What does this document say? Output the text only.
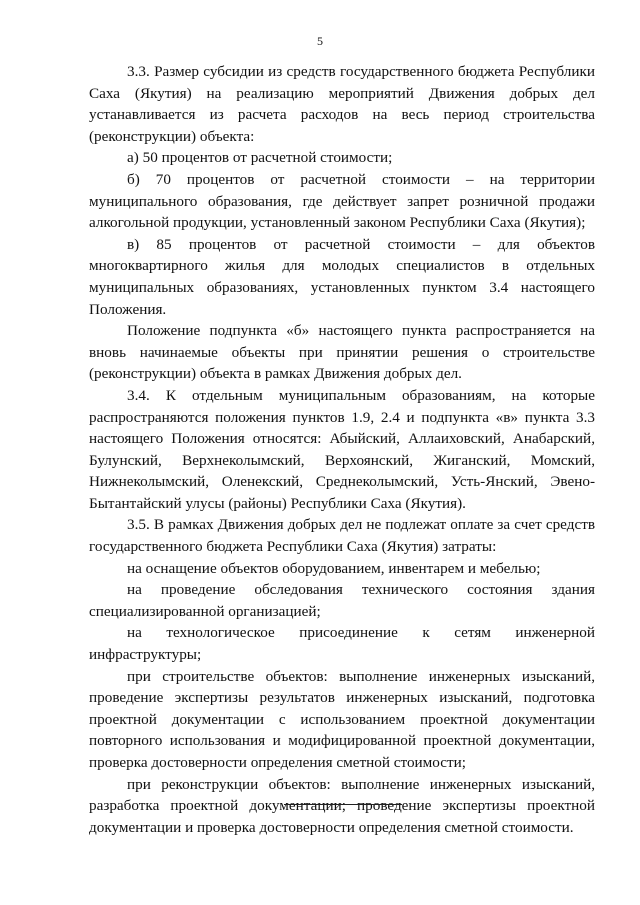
5

3.3. Размер субсидии из средств государственного бюджета Республики Саха (Якутия) на реализацию мероприятий Движения добрых дел устанавливается из расчета расходов на весь период строительства (реконструкции) объекта:

а) 50 процентов от расчетной стоимости;

б) 70 процентов от расчетной стоимости – на территории муниципального образования, где действует запрет розничной продажи алкогольной продукции, установленный законом Республики Саха (Якутия);

в) 85 процентов от расчетной стоимости – для объектов многоквартирного жилья для молодых специалистов в отдельных муниципальных образованиях, установленных пунктом 3.4 настоящего Положения.

Положение подпункта «б» настоящего пункта распространяется на вновь начинаемые объекты при принятии решения о строительстве (реконструкции) объекта в рамках Движения добрых дел.

3.4. К отдельным муниципальным образованиям, на которые распространяются положения пунктов 1.9, 2.4 и подпункта «в» пункта 3.3 настоящего Положения относятся: Абыйский, Аллаиховский, Анабарский, Булунский, Верхнеколымский, Верхоянский, Жиганский, Момский, Нижнеколымский, Оленекский, Среднеколымский, Усть-Янский, Эвено-Бытантайский улусы (районы) Республики Саха (Якутия).

3.5. В рамках Движения добрых дел не подлежат оплате за счет средств государственного бюджета Республики Саха (Якутия) затраты:

на оснащение объектов оборудованием, инвентарем и мебелью;

на проведение обследования технического состояния здания специализированной организацией;

на технологическое присоединение к сетям инженерной инфраструктуры;

при строительстве объектов: выполнение инженерных изысканий, проведение экспертизы результатов инженерных изысканий, подготовка проектной документации с использованием проектной документации повторного использования и модифицированной проектной документации, проверка достоверности определения сметной стоимости;

при реконструкции объектов: выполнение инженерных изысканий, разработка проектной документации; проведение экспертизы проектной документации и проверка достоверности определения сметной стоимости.
